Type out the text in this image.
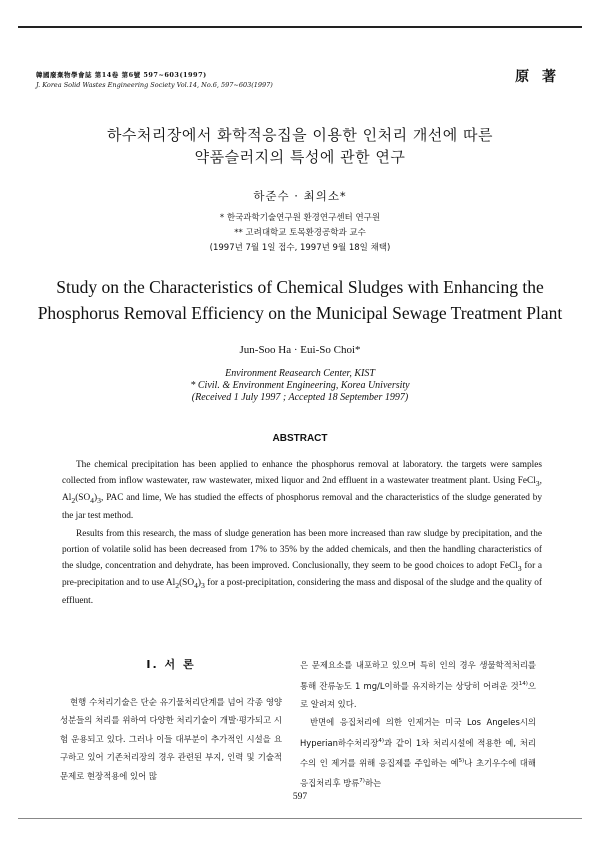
韓國廢棄物學會誌 第14卷 第6號 597~603(1997)
J. Korea Solid Wastes Engineering Society Vol.14, No.6, 597~603(1997)	原 著
하수처리장에서 화학적응집을 이용한 인처리 개선에 따른
약품슬러지의 특성에 관한 연구
하준수 · 최의소*
* 한국과학기술연구원 환경연구센터 연구원
** 고려대학교 토목환경공학과 교수
(1997년 7월 1일 접수, 1997년 9월 18일 채택)
Study on the Characteristics of Chemical Sludges with Enhancing the
Phosphorus Removal Efficiency on the Municipal Sewage Treatment Plant
Jun-Soo Ha · Eui-So Choi*
Environment Reasearch Center, KIST
* Civil. & Environment Engineering, Korea University
(Received 1 July 1997 ; Accepted 18 September 1997)
ABSTRACT

The chemical precipitation has been applied to enhance the phosphorus removal at laboratory. the targets were samples collected from inflow wastewater, raw wastewater, mixed liquor and 2nd effluent in a wastewater treatment plant. Using FeCl$_3$, $Al_2(SO_4)_3$, PAC and lime, We has studied the effects of phosphorus removal and the characteristics of the sludge generated by the jar test method.

Results from this research, the mass of sludge generation has been more increased than raw sludge by precipitation, and the portion of volatile solid has been decreased from 17% to 35% by the added chemicals, and then the handling characteristics of the sludge, concentration and dehydrate, has been improved. Conclusionally, they seem to be good choices to adopt FeCl$_3$ for a pre-precipitation and to use $Al_2(SO_4)_3$ for a post-precipitation, considering the mass and disposal of the sludge and the quality of effluent.

Ⅰ. 서 론

현행 수처리기술은 단순 유기물처리단계를 넘어 각종 영양성분들의 처리를 위하여 다양한 처리기술이 개발·평가되고 시험 운용되고 있다. 그러나 이들 대부분이 추가적인 시설을 요구하고 있어 기존처리장의 경우 관련된 부지, 인력 및 기술적 문제로 현장적용에 있어 많

은 문제요소를 내포하고 있으며 특히 인의 경우 생물학적처리를 통해 잔류농도 1 mg/L이하를 유지하기는 상당히 어려운 것$^{14)}$으로 알려져 있다.

반면에 응집처리에 의한 인제거는 미국 Los Angeles시의 Hyperian하수처리장$^{4)}$과 같이 1차 처리시설에 적용한 예, 처리수의 인 제거를 위해 응집제를 주입하는 예$^{5)}$나 초기우수에 대해 응집처리후 방류$^{7)}$하는

597
